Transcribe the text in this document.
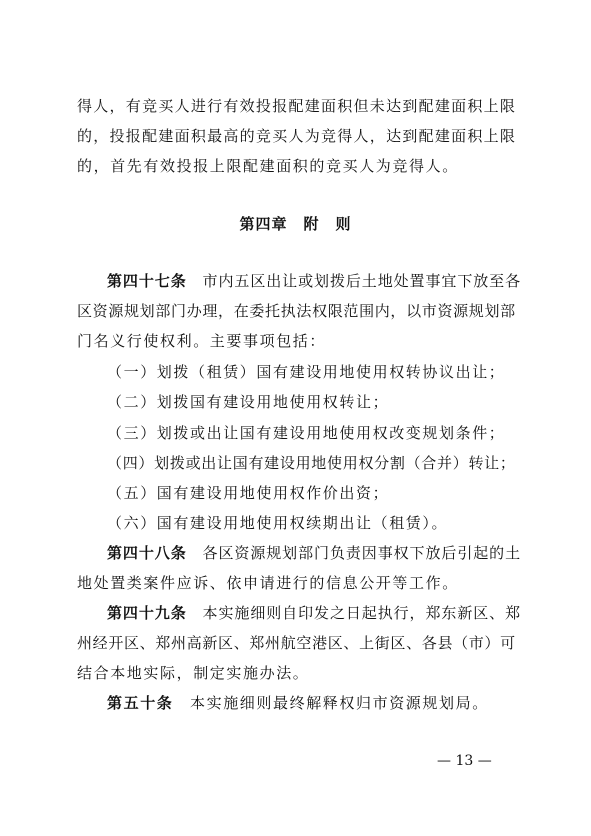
得人，有竞买人进行有效投报配建面积但未达到配建面积上限
的，投报配建面积最高的竞买人为竞得人，达到配建面积上限
的，首先有效投报上限配建面积的竞买人为竞得人。
第四章　附　则
第四十七条　市内五区出让或划拨后土地处置事宜下放至各
区资源规划部门办理，在委托执法权限范围内，以市资源规划部
门名义行使权利。主要事项包括：
（一）划拨（租赁）国有建设用地使用权转协议出让；
（二）划拨国有建设用地使用权转让；
（三）划拨或出让国有建设用地使用权改变规划条件；
（四）划拨或出让国有建设用地使用权分割（合并）转让；
（五）国有建设用地使用权作价出资；
（六）国有建设用地使用权续期出让（租赁）。
第四十八条　各区资源规划部门负责因事权下放后引起的土
地处置类案件应诉、依申请进行的信息公开等工作。
第四十九条　本实施细则自印发之日起执行，郑东新区、郑
州经开区、郑州高新区、郑州航空港区、上街区、各县（市）可
结合本地实际，制定实施办法。
第五十条　本实施细则最终解释权归市资源规划局。
— 13 —
